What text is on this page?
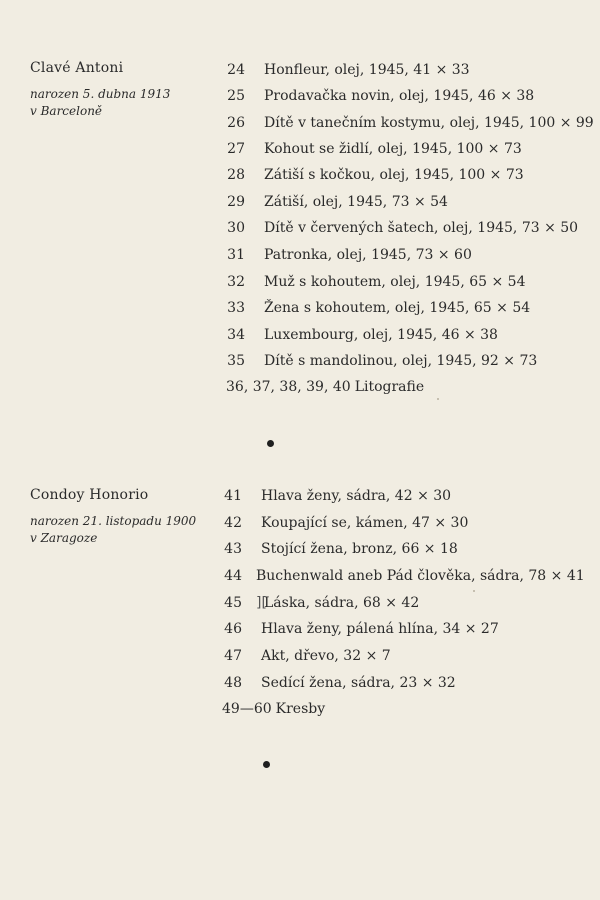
Clavé Antoni
narozen 5. dubna 1913
v Barceloně
24 Honfleur, olej, 1945, 41 × 33
25 Prodavačka novin, olej, 1945, 46 × 38
26 Dítě v tanečním kostymu, olej, 1945, 100 × 99
27 Kohout se židlí, olej, 1945, 100 × 73
28 Zátiší s kočkou, olej, 1945, 100 × 73
29 Zátiší, olej, 1945, 73 × 54
30 Dítě v červených šatech, olej, 1945, 73 × 50
31 Patronka, olej, 1945, 73 × 60
32 Muž s kohoutem, olej, 1945, 65 × 54
33 Žena s kohoutem, olej, 1945, 65 × 54
34 Luxembourg, olej, 1945, 46 × 38
35 Dítě s mandolinou, olej, 1945, 92 × 73
36, 37, 38, 39, 40 Litografie
Condoy Honorio
narozen 21. listopadu 1900
v Zaragoze
41 Hlava ženy, sádra, 42 × 30
42 Koupající se, kámen, 47 × 30
43 Stojící žena, bronz, 66 × 18
44 Buchenwald aneb Pád člověka, sádra, 78 × 41
45 ][
Láska, sádra, 68 × 42
46 Hlava ženy, pálená hlína, 34 × 27
47 Akt, dřevo, 32 × 7
48 Sedící žena, sádra, 23 × 32
49—60 Kresby
